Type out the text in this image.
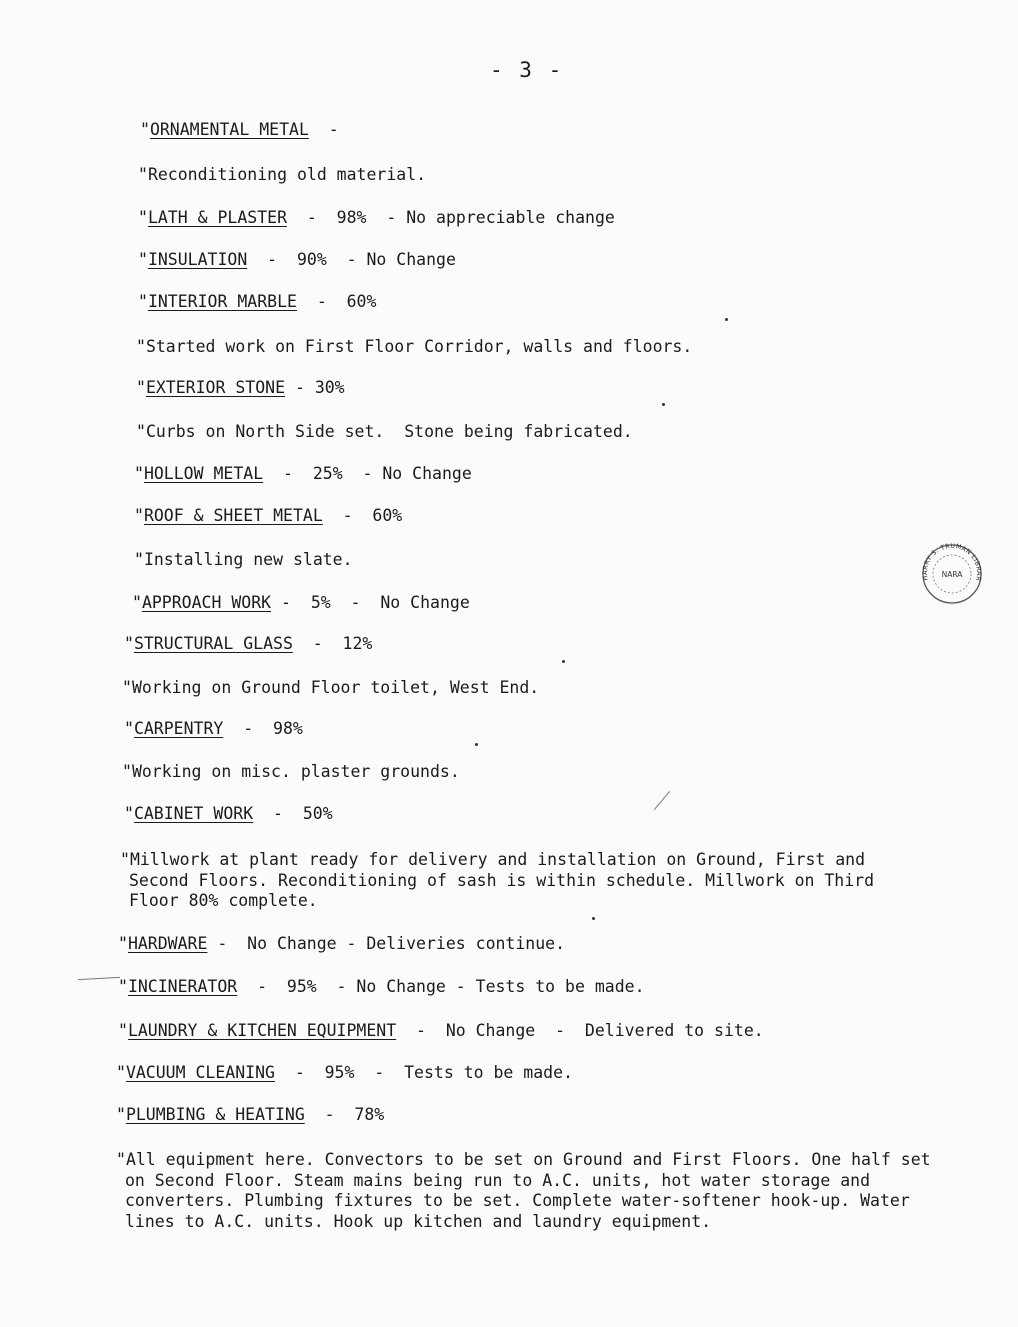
- 3 -
"ORNAMENTAL METAL  -
"Reconditioning old material.
"LATH & PLASTER  -  98%  - No appreciable change
"INSULATION  -  90%  - No Change
"INTERIOR MARBLE  -  60%
"Started work on First Floor Corridor, walls and floors.
"EXTERIOR STONE - 30%
"Curbs on North Side set.  Stone being fabricated.
"HOLLOW METAL  -  25%  - No Change
"ROOF & SHEET METAL  -  60%
"Installing new slate.
"APPROACH WORK -  5%  -  No Change
"STRUCTURAL GLASS  -  12%
"Working on Ground Floor toilet, West End.
"CARPENTRY  -  98%
"Working on misc. plaster grounds.
"CABINET WORK  -  50%
"Millwork at plant ready for delivery and installation on Ground, First and Second Floors. Reconditioning of sash is within schedule. Millwork on Third Floor 80% complete.
"HARDWARE -  No Change - Deliveries continue.
"INCINERATOR  -  95%  - No Change - Tests to be made.
"LAUNDRY & KITCHEN EQUIPMENT  -  No Change  -  Delivered to site.
"VACUUM CLEANING  -  95%  -  Tests to be made.
"PLUMBING & HEATING  -  78%
"All equipment here. Convectors to be set on Ground and First Floors. One half set on Second Floor. Steam mains being run to A.C. units, hot water storage and converters. Plumbing fixtures to be set. Complete water-softener hook-up. Water lines to A.C. units. Hook up kitchen and laundry equipment.
HARRY S. TRUMAN LIBRAR
NARA
